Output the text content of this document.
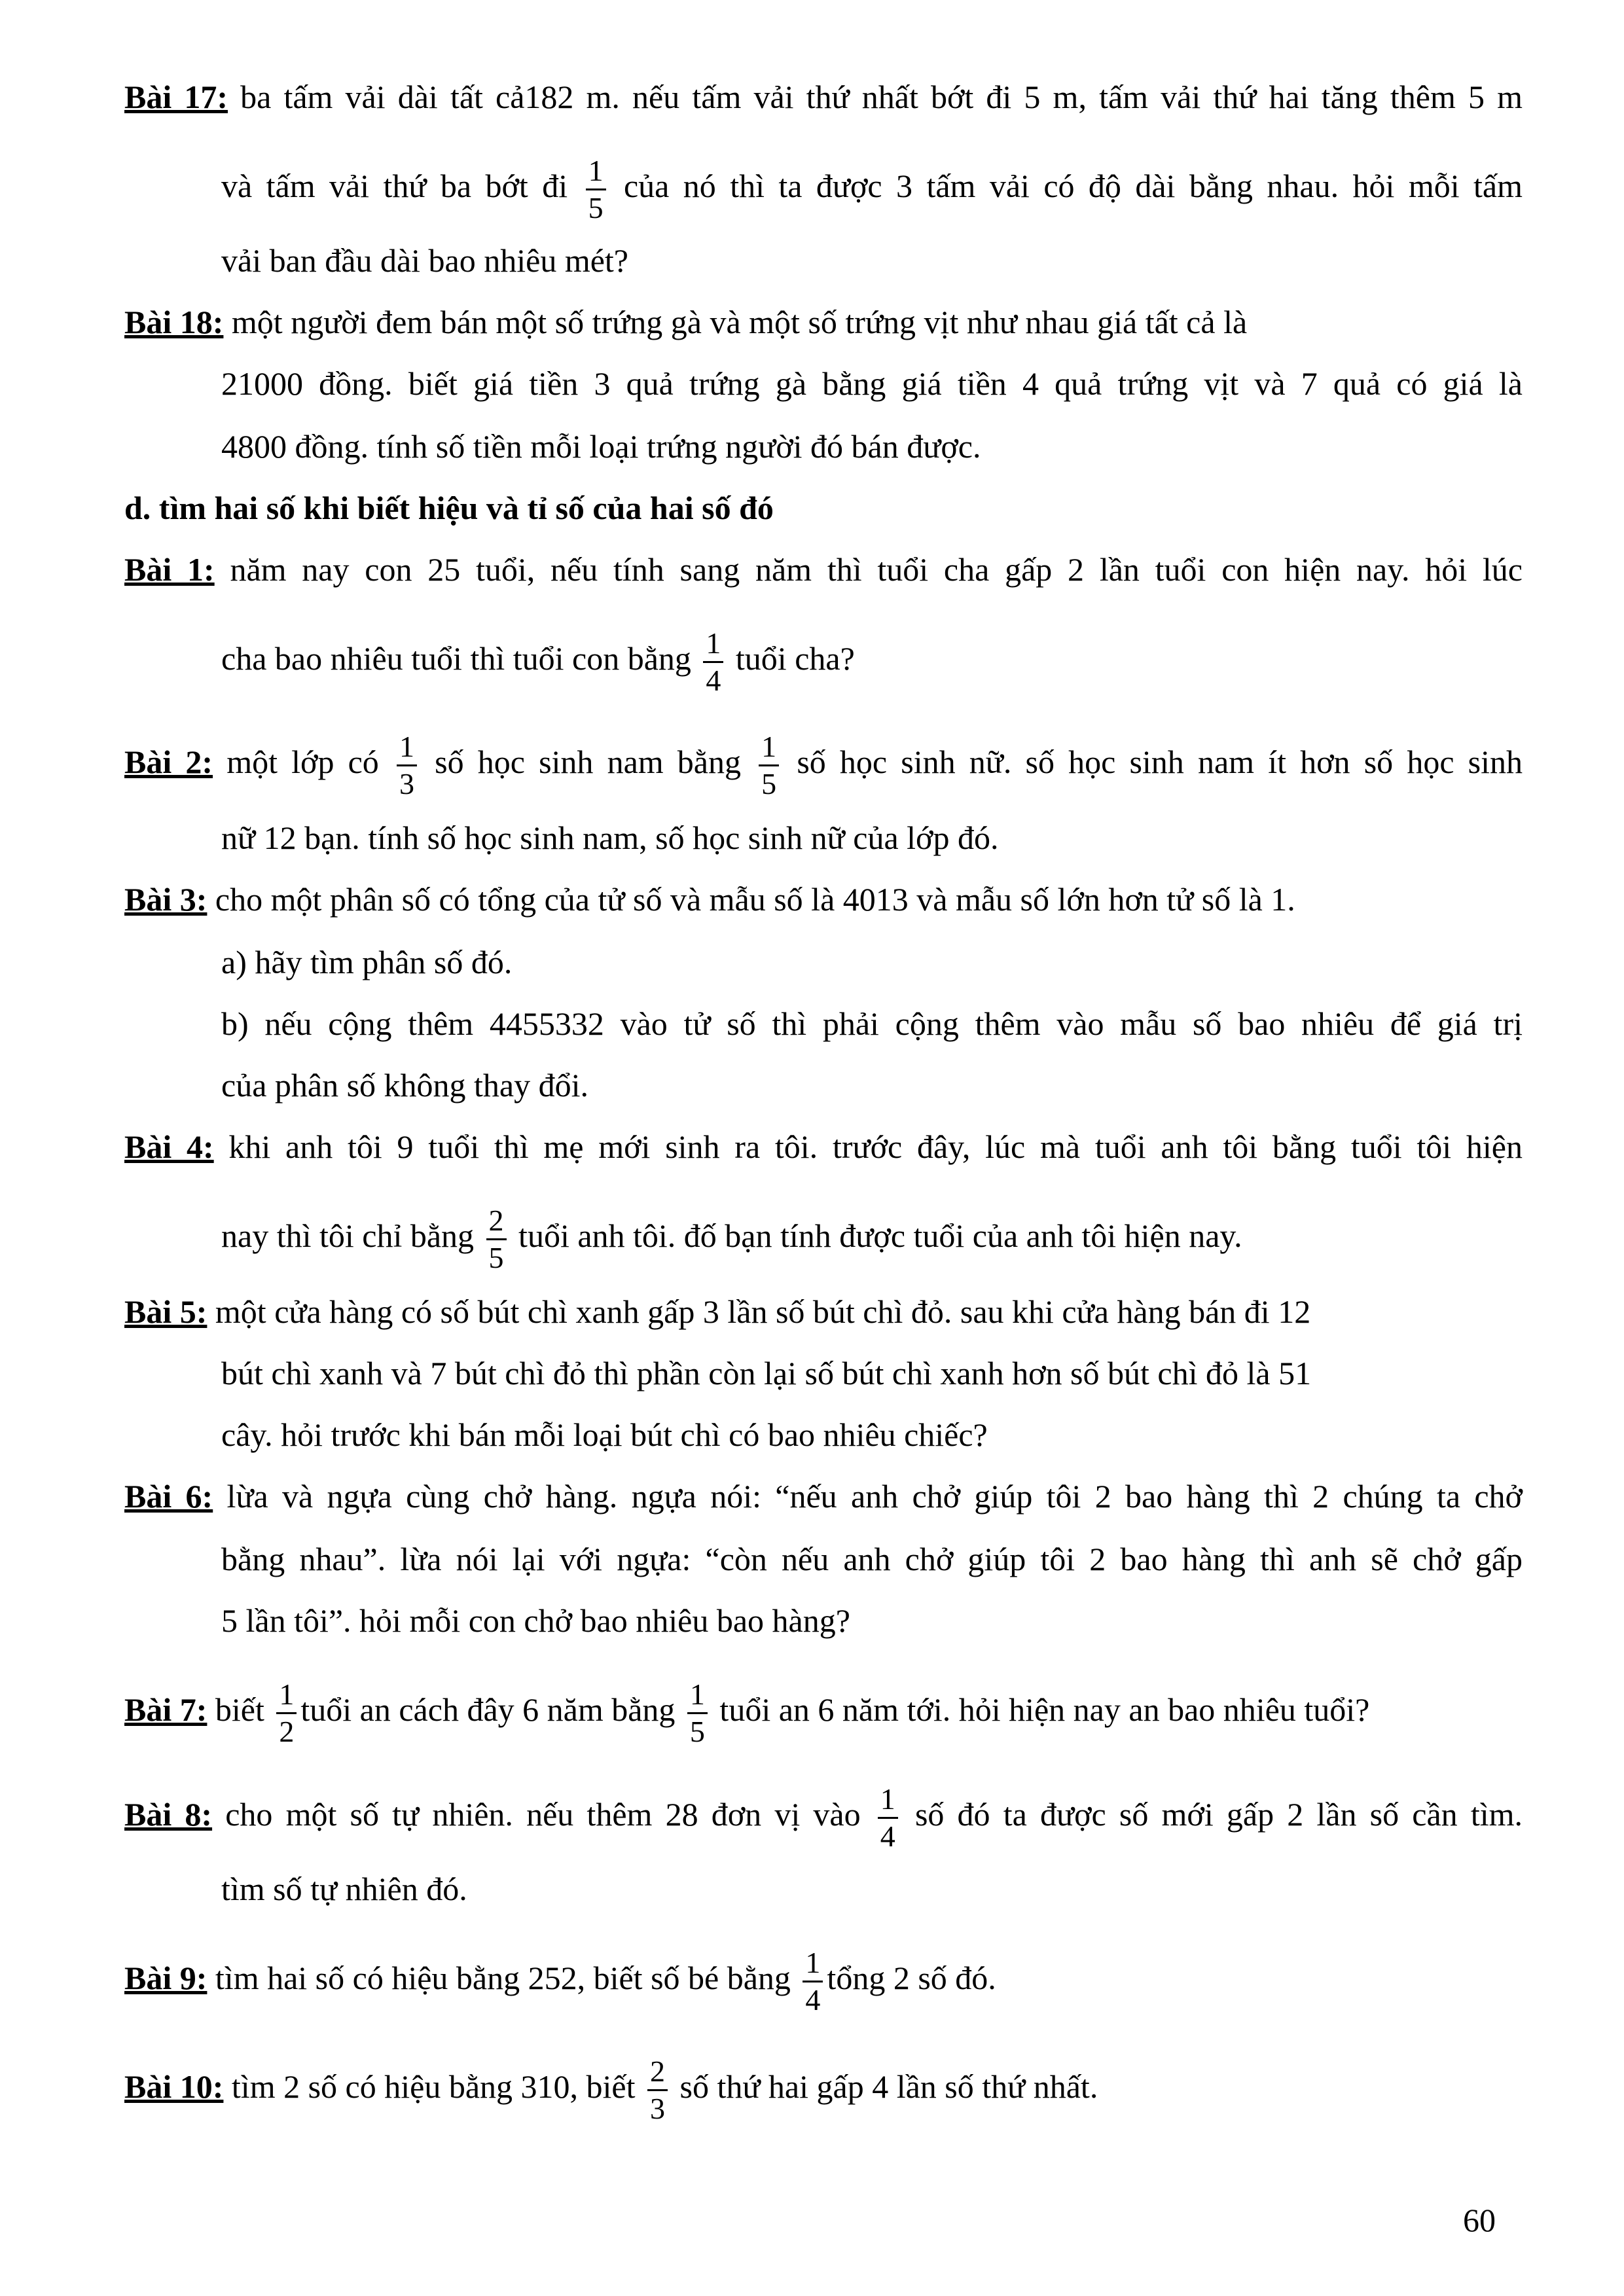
Bài 17: ba tấm vải dài tất cả182 m. nếu tấm vải thứ nhất bớt đi 5 m, tấm vải thứ hai tăng thêm 5 m
và tấm vải thứ ba bớt đi $\frac{1}{5}$ của nó thì ta được 3 tấm vải có độ dài bằng nhau. hỏi mỗi tấm
vải ban đầu dài bao nhiêu mét?
Bài 18: một người đem bán một số trứng gà và một số trứng vịt như nhau giá tất cả là
21000 đồng. biết giá tiền 3 quả trứng gà bằng giá tiền 4 quả trứng vịt và 7 quả có giá là
4800 đồng. tính số tiền mỗi loại trứng người đó bán được.
d. tìm hai số khi biết hiệu và tỉ số của hai số đó
Bài 1: năm nay con 25 tuổi, nếu tính sang năm thì tuổi cha gấp 2 lần tuổi con hiện nay. hỏi lúc
cha bao nhiêu tuổi thì tuổi con bằng $\frac{1}{4}$ tuổi cha?
Bài 2: một lớp có $\frac{1}{3}$ số học sinh nam bằng $\frac{1}{5}$ số học sinh nữ. số học sinh nam ít hơn số học sinh
nữ 12 bạn. tính số học sinh nam, số học sinh nữ của lớp đó.
Bài 3: cho một phân số có tổng của tử số và mẫu số là 4013 và mẫu số lớn hơn tử số là 1.
a) hãy tìm phân số đó.
b) nếu cộng thêm 4455332 vào tử số thì phải cộng thêm vào mẫu số bao nhiêu để giá trị
của phân số không thay đổi.
Bài 4: khi anh tôi 9 tuổi thì mẹ mới sinh ra tôi. trước đây, lúc mà tuổi anh tôi bằng tuổi tôi hiện
nay thì tôi chỉ bằng $\frac{2}{5}$ tuổi anh tôi. đố bạn tính được tuổi của anh tôi hiện nay.
Bài 5: một cửa hàng có số bút chì xanh gấp 3 lần số bút chì đỏ. sau khi cửa hàng bán đi 12
bút chì xanh và 7 bút chì đỏ thì phần còn lại số bút chì xanh hơn số bút chì đỏ là 51
cây. hỏi trước khi bán mỗi loại bút chì có bao nhiêu chiếc?
Bài 6: lừa và ngựa cùng chở hàng. ngựa nói: “nếu anh chở giúp tôi 2 bao hàng thì 2 chúng ta chở
bằng nhau”. lừa nói lại với ngựa: “còn nếu anh chở giúp tôi 2 bao hàng thì anh sẽ chở gấp
5 lần tôi”. hỏi mỗi con chở bao nhiêu bao hàng?
Bài 7: biết $\frac{1}{2}$ tuổi an cách đây 6 năm bằng $\frac{1}{5}$ tuổi an 6 năm tới. hỏi hiện nay an bao nhiêu tuổi?
Bài 8: cho một số tự nhiên. nếu thêm 28 đơn vị vào $\frac{1}{4}$ số đó ta được số mới gấp 2 lần số cần tìm.
tìm số tự nhiên đó.
Bài 9: tìm hai số có hiệu bằng 252, biết số bé bằng $\frac{1}{4}$ tổng 2 số đó.
Bài 10: tìm 2 số có hiệu bằng 310, biết $\frac{2}{3}$ số thứ hai gấp 4 lần số thứ nhất.
60
